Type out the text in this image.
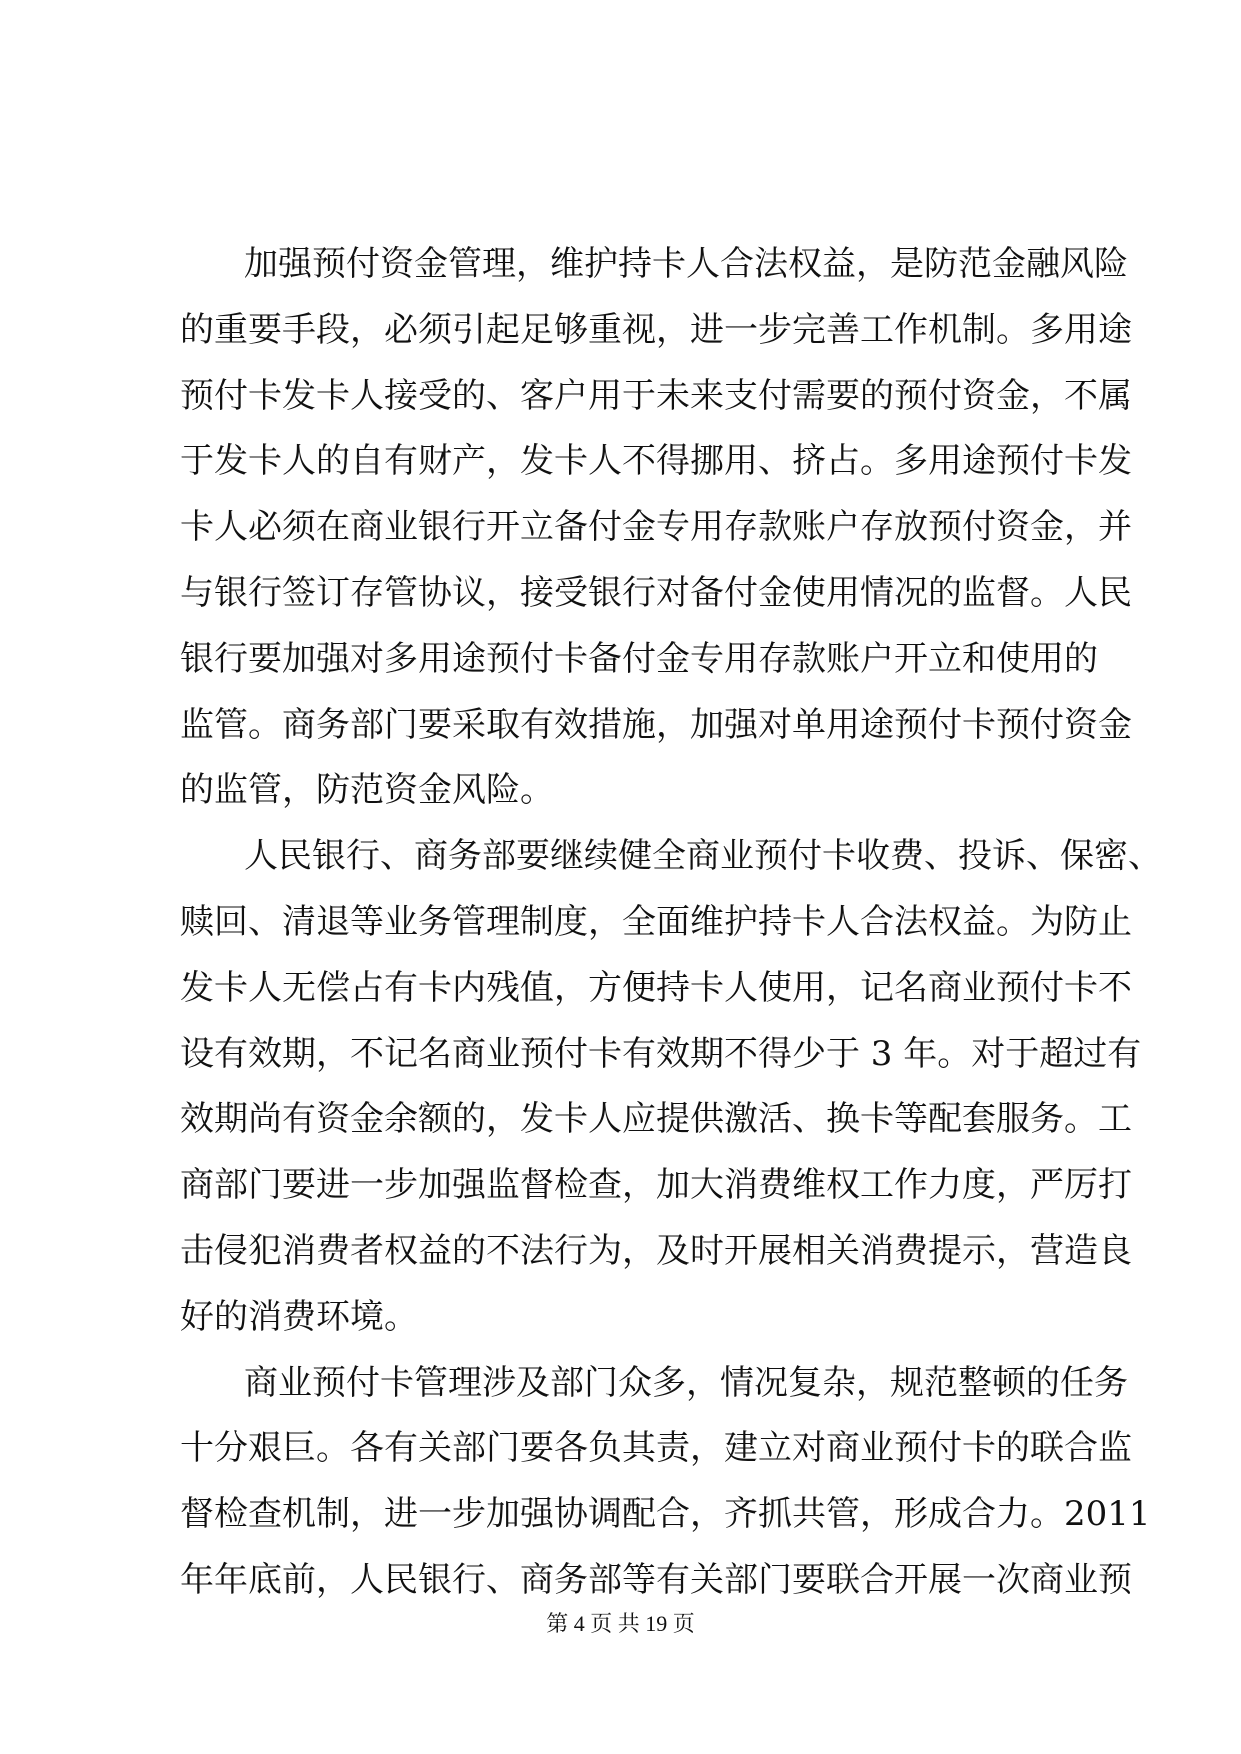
加强预付资金管理，维护持卡人合法权益，是防范金融风险
的重要手段，必须引起足够重视，进一步完善工作机制。多用途
预付卡发卡人接受的、客户用于未来支付需要的预付资金，不属
于发卡人的自有财产，发卡人不得挪用、挤占。多用途预付卡发
卡人必须在商业银行开立备付金专用存款账户存放预付资金，并
与银行签订存管协议，接受银行对备付金使用情况的监督。人民
银行要加强对多用途预付卡备付金专用存款账户开立和使用的
监管。商务部门要采取有效措施，加强对单用途预付卡预付资金
的监管，防范资金风险。

人民银行、商务部要继续健全商业预付卡收费、投诉、保密、
赎回、清退等业务管理制度，全面维护持卡人合法权益。为防止
发卡人无偿占有卡内残值，方便持卡人使用，记名商业预付卡不
设有效期，不记名商业预付卡有效期不得少于 3 年。对于超过有
效期尚有资金余额的，发卡人应提供激活、换卡等配套服务。工
商部门要进一步加强监督检查，加大消费维权工作力度，严厉打
击侵犯消费者权益的不法行为，及时开展相关消费提示，营造良
好的消费环境。

商业预付卡管理涉及部门众多，情况复杂，规范整顿的任务
十分艰巨。各有关部门要各负其责，建立对商业预付卡的联合监
督检查机制，进一步加强协调配合，齐抓共管，形成合力。2011
年年底前，人民银行、商务部等有关部门要联合开展一次商业预

第 4 页 共 19 页
